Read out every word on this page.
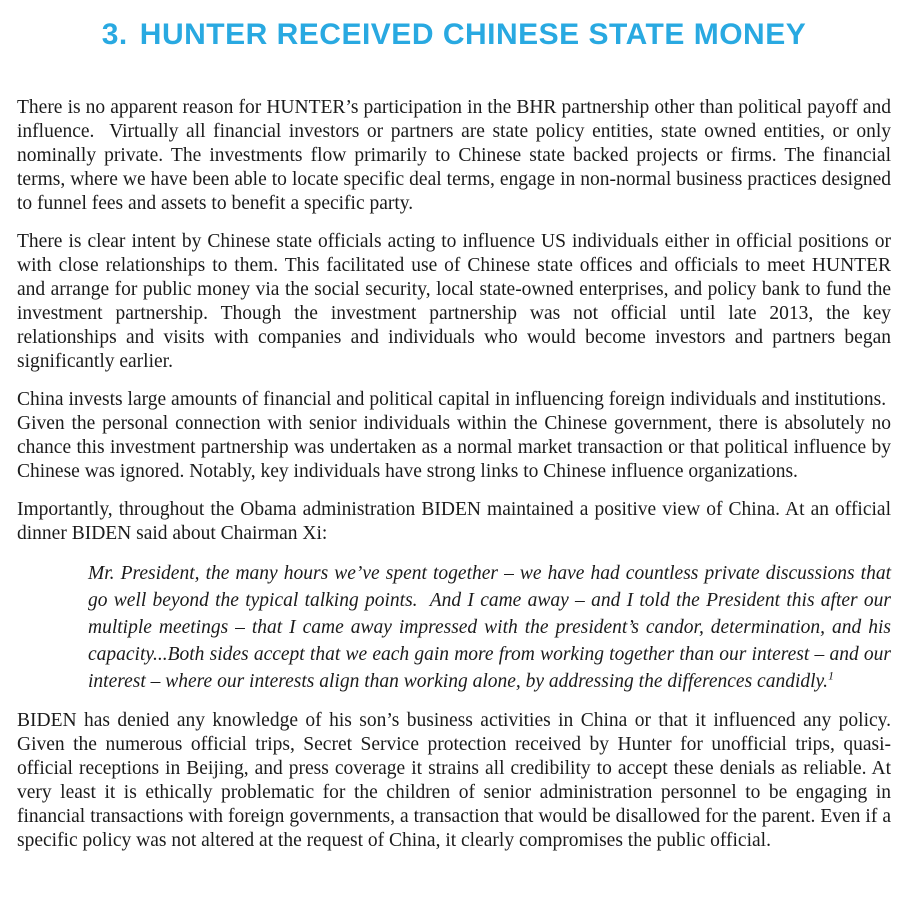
3. HUNTER RECEIVED CHINESE STATE MONEY

There is no apparent reason for HUNTER’s participation in the BHR partnership other than political payoff and influence.  Virtually all financial investors or partners are state policy entities, state owned entities, or only nominally private. The investments flow primarily to Chinese state backed projects or firms. The financial terms, where we have been able to locate specific deal terms, engage in non-normal business practices designed to funnel fees and assets to benefit a specific party.

There is clear intent by Chinese state officials acting to influence US individuals either in official positions or with close relationships to them. This facilitated use of Chinese state offices and officials to meet HUNTER and arrange for public money via the social security, local state-owned enterprises, and policy bank to fund the investment partnership. Though the investment partnership was not official until late 2013, the key relationships and visits with companies and individuals who would become investors and partners began significantly earlier.

China invests large amounts of financial and political capital in influencing foreign individuals and institutions.  Given the personal connection with senior individuals within the Chinese government, there is absolutely no chance this investment partnership was undertaken as a normal market transaction or that political influence by Chinese was ignored. Notably, key individuals have strong links to Chinese influence organizations.

Importantly, throughout the Obama administration BIDEN maintained a positive view of China. At an official dinner BIDEN said about Chairman Xi:

Mr. President, the many hours we’ve spent together – we have had countless private discussions that go well beyond the typical talking points.  And I came away – and I told the President this after our multiple meetings – that I came away impressed with the president’s candor, determination, and his capacity...Both sides accept that we each gain more from working together than our interest – and our interest – where our interests align than working alone, by addressing the differences candidly.$^1$

BIDEN has denied any knowledge of his son’s business activities in China or that it influenced any policy. Given the numerous official trips, Secret Service protection received by Hunter for unofficial trips, quasi-official receptions in Beijing, and press coverage it strains all credibility to accept these denials as reliable. At very least it is ethically problematic for the children of senior administration personnel to be engaging in financial transactions with foreign governments, a transaction that would be disallowed for the parent. Even if a specific policy was not altered at the request of China, it clearly compromises the public official.
